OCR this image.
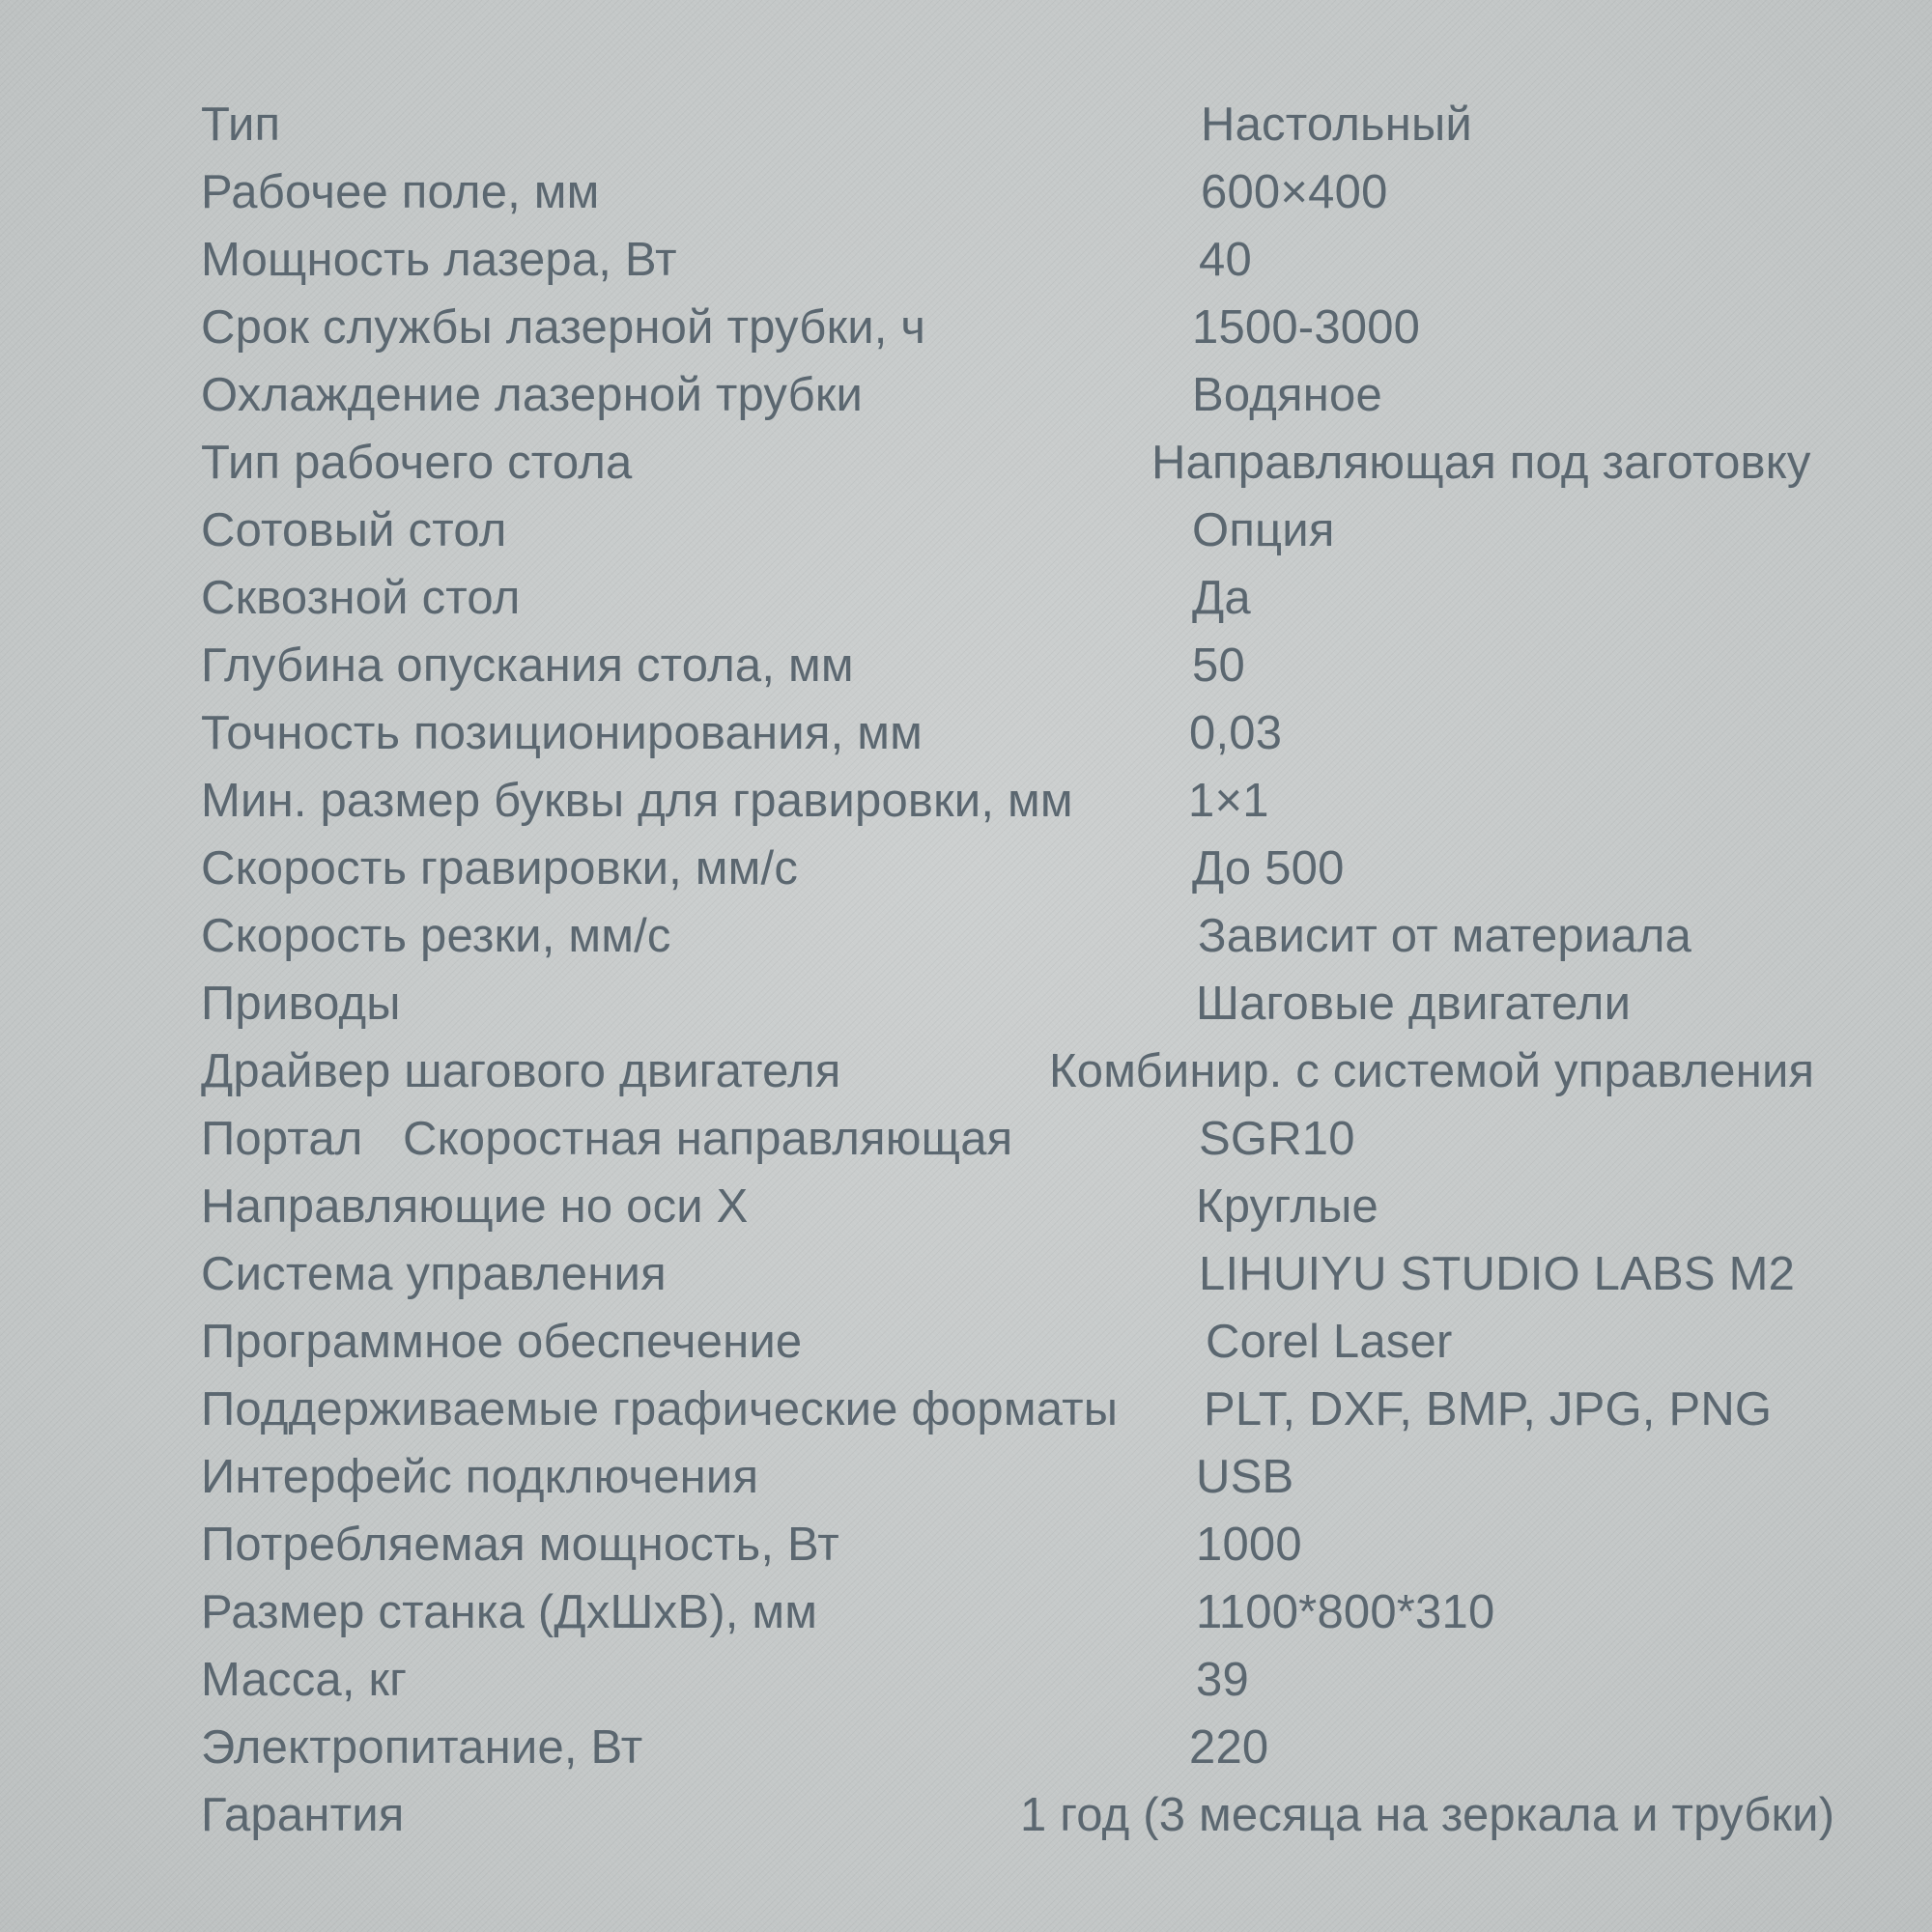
Тип	Настольный
Рабочее поле, мм	600×400
Мощность лазера, Вт	40
Срок службы лазерной трубки, ч	1500-3000
Охлаждение лазерной трубки	Водяное
Тип рабочего стола	Направляющая под заготовку
Сотовый стол	Опция
Сквозной стол	Да
Глубина опускания стола, мм	50
Точность позиционирования, мм	0,03
Мин. размер буквы для гравировки, мм 1×1
Скорость гравировки, мм/с	До 500
Скорость резки, мм/с	Зависит от материала
Приводы	Шаговые двигатели
Драйвер шагового двигателя	Комбинир. с системой управления
Портал   Скоростная направляющая	SGR10
Направляющие но оси X	Круглые
Система управления	LIHUIYU STUDIO LABS M2
Программное обеспечение	Corel Laser
Поддерживаемые графические форматы PLT, DXF, BMP, JPG, PNG
Интерфейс подключения	USB
Потребляемая мощность, Вт	1000
Размер станка (ДхШхВ), мм	1100*800*310
Масса, кг	39
Электропитание, Вт	220
Гарантия	1 год (3 месяца на зеркала и трубки)
